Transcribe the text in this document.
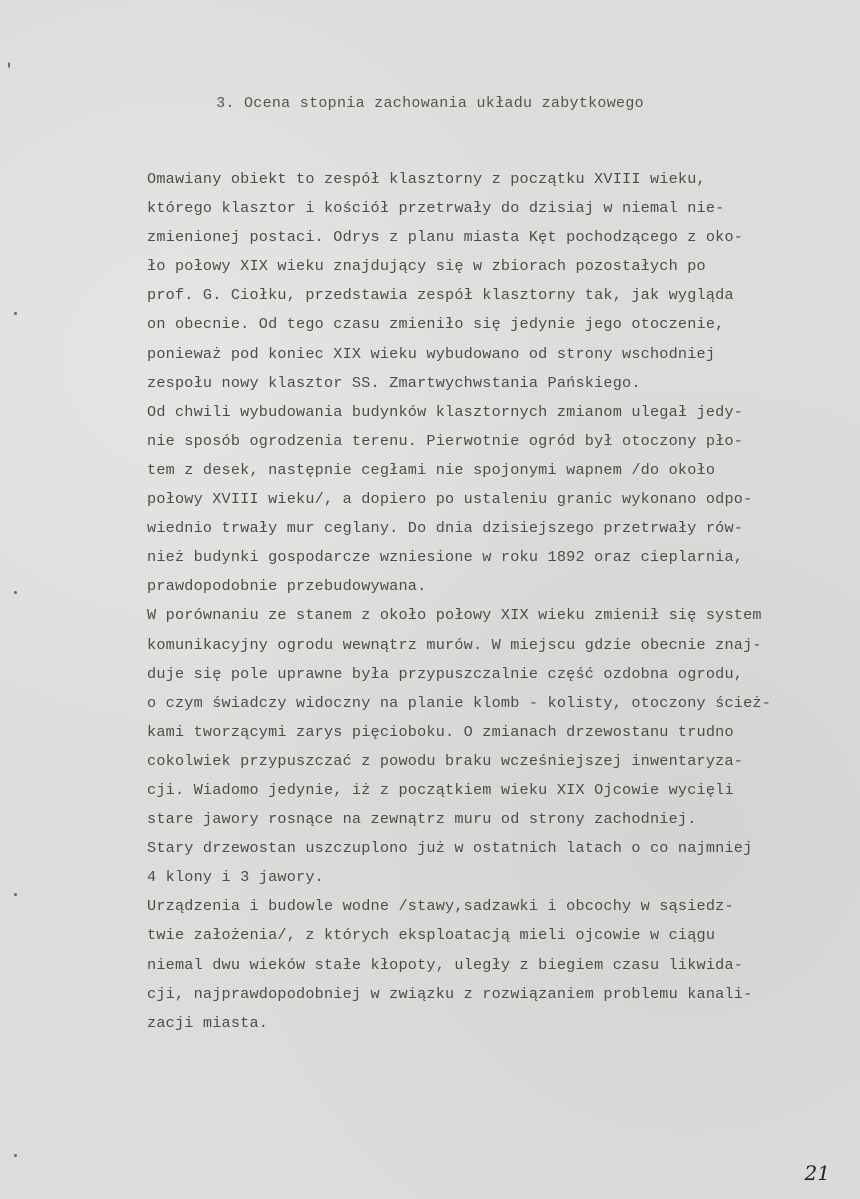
3. Ocena stopnia zachowania układu zabytkowego
Omawiany obiekt to zespół klasztorny z początku XVIII wieku,
którego klasztor i kościół przetrwały do dzisiaj w niemal nie-
zmienionej postaci. Odrys z planu miasta Kęt pochodzącego z oko-
ło połowy XIX wieku znajdujący się w zbiorach pozostałych po
prof. G. Ciołku, przedstawia zespół klasztorny tak, jak wygląda
on obecnie. Od tego czasu zmieniło się jedynie jego otoczenie,
ponieważ pod koniec XIX wieku wybudowano od strony wschodniej
zespołu nowy klasztor SS. Zmartwychwstania Pańskiego.
Od chwili wybudowania budynków klasztornych zmianom ulegał jedy-
nie sposób ogrodzenia terenu. Pierwotnie ogród był otoczony pło-
tem z desek, następnie cegłami nie spojonymi wapnem /do około
połowy XVIII wieku/, a dopiero po ustaleniu granic wykonano odpo-
wiednio trwały mur ceglany. Do dnia dzisiejszego przetrwały rów-
nież budynki gospodarcze wzniesione w roku 1892 oraz cieplarnia,
prawdopodobnie przebudowywana.
W porównaniu ze stanem z około połowy XIX wieku zmienił się system
komunikacyjny ogrodu wewnątrz murów. W miejscu gdzie obecnie znaj-
duje się pole uprawne była przypuszczalnie część ozdobna ogrodu,
o czym świadczy widoczny na planie klomb - kolisty, otoczony ścież-
kami tworzącymi zarys pięcioboku. O zmianach drzewostanu trudno
cokolwiek przypuszczać z powodu braku wcześniejszej inwentaryza-
cji. Wiadomo jedynie, iż z początkiem wieku XIX Ojcowie wycięli
stare jawory rosnące na zewnątrz muru od strony zachodniej.
Stary drzewostan uszczuplono już w ostatnich latach o co najmniej
4 klony i 3 jawory.
Urządzenia i budowle wodne /stawy,sadzawki i obcochy w sąsiedz-
twie założenia/, z których eksploatacją mieli ojcowie w ciągu
niemal dwu wieków stałe kłopoty, uległy z biegiem czasu likwida-
cji, najprawdopodobniej w związku z rozwiązaniem problemu kanali-
zacji miasta.
21
